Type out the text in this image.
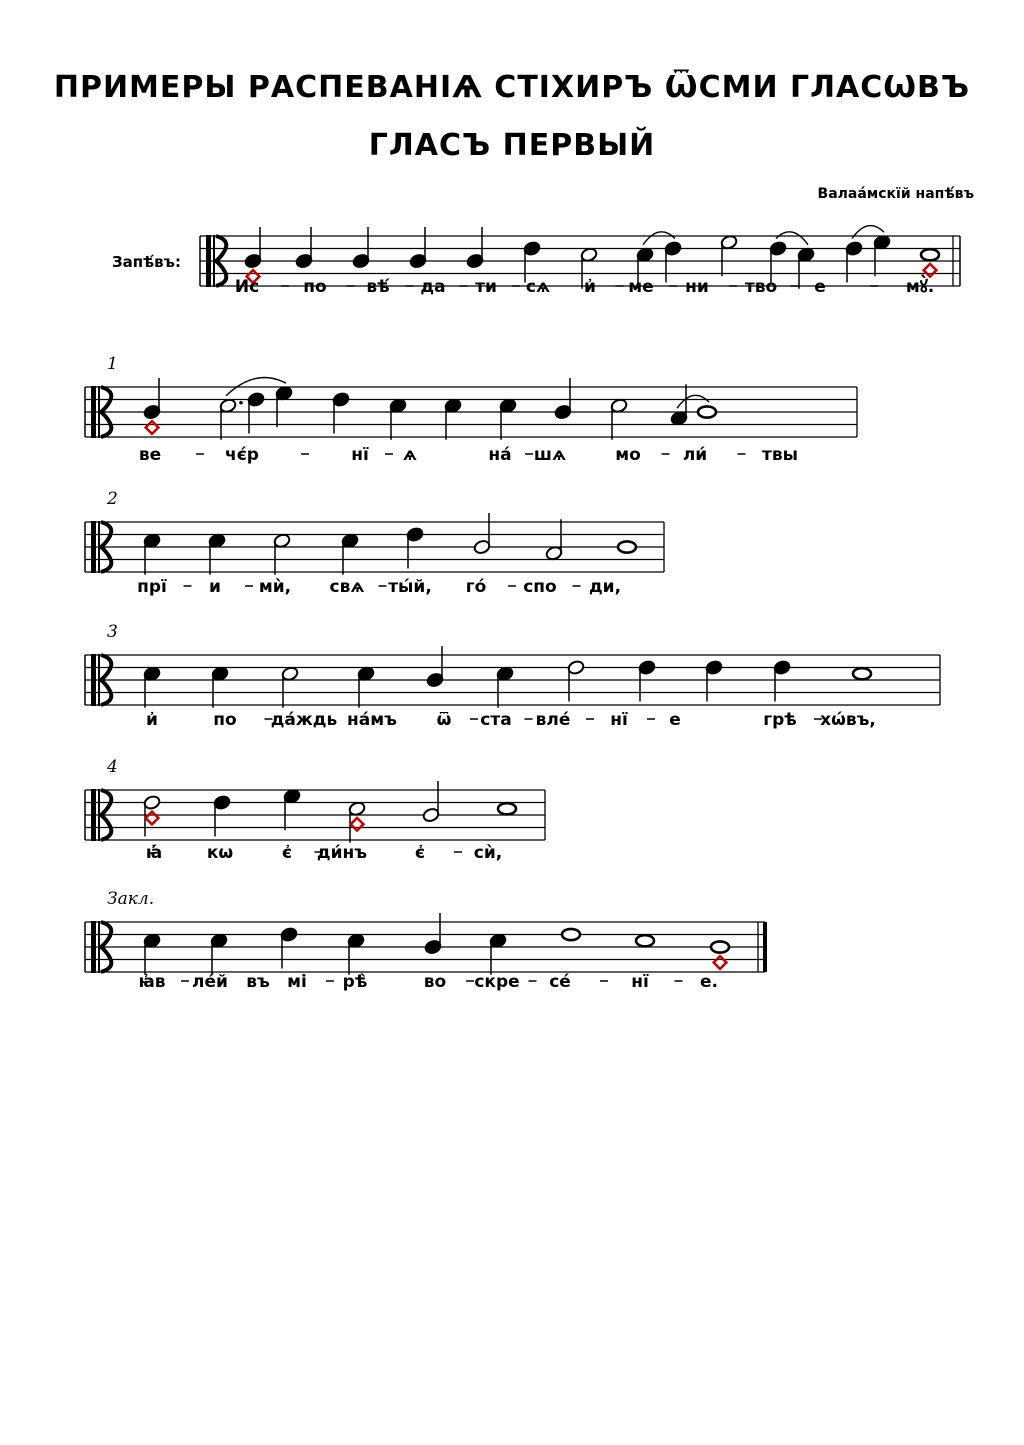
ПРИМЕРЫ РАСПЕВАНІѦ СТІХИРЪ ѾСМИ ГЛАСѠВЪ
ГЛАСЪ ПЕРВЫЙ
Валаа́мскїй напѣ́въ
Запѣ́въ:
Ис	по вѣ́ да ти сѧ и҆ ме ни тво е	мꙋ̀.
1
ве	чє́р	нї ѧ	на́ шѧ	мо ли́	твы
2
прї и мѝ, свѧ ты́й, го́ спо ди,
3
и҆	по да́ждь на́мъ ѿ ста вле́ нї е	грѣ хѡ́въ,
4
ꙗ҆́	кѡ	є҆ ди́нъ	є҆	сѝ,
Закл.
ꙗ҆в ле́й въ мі рѣ̀	во скре се́	нї	е.
